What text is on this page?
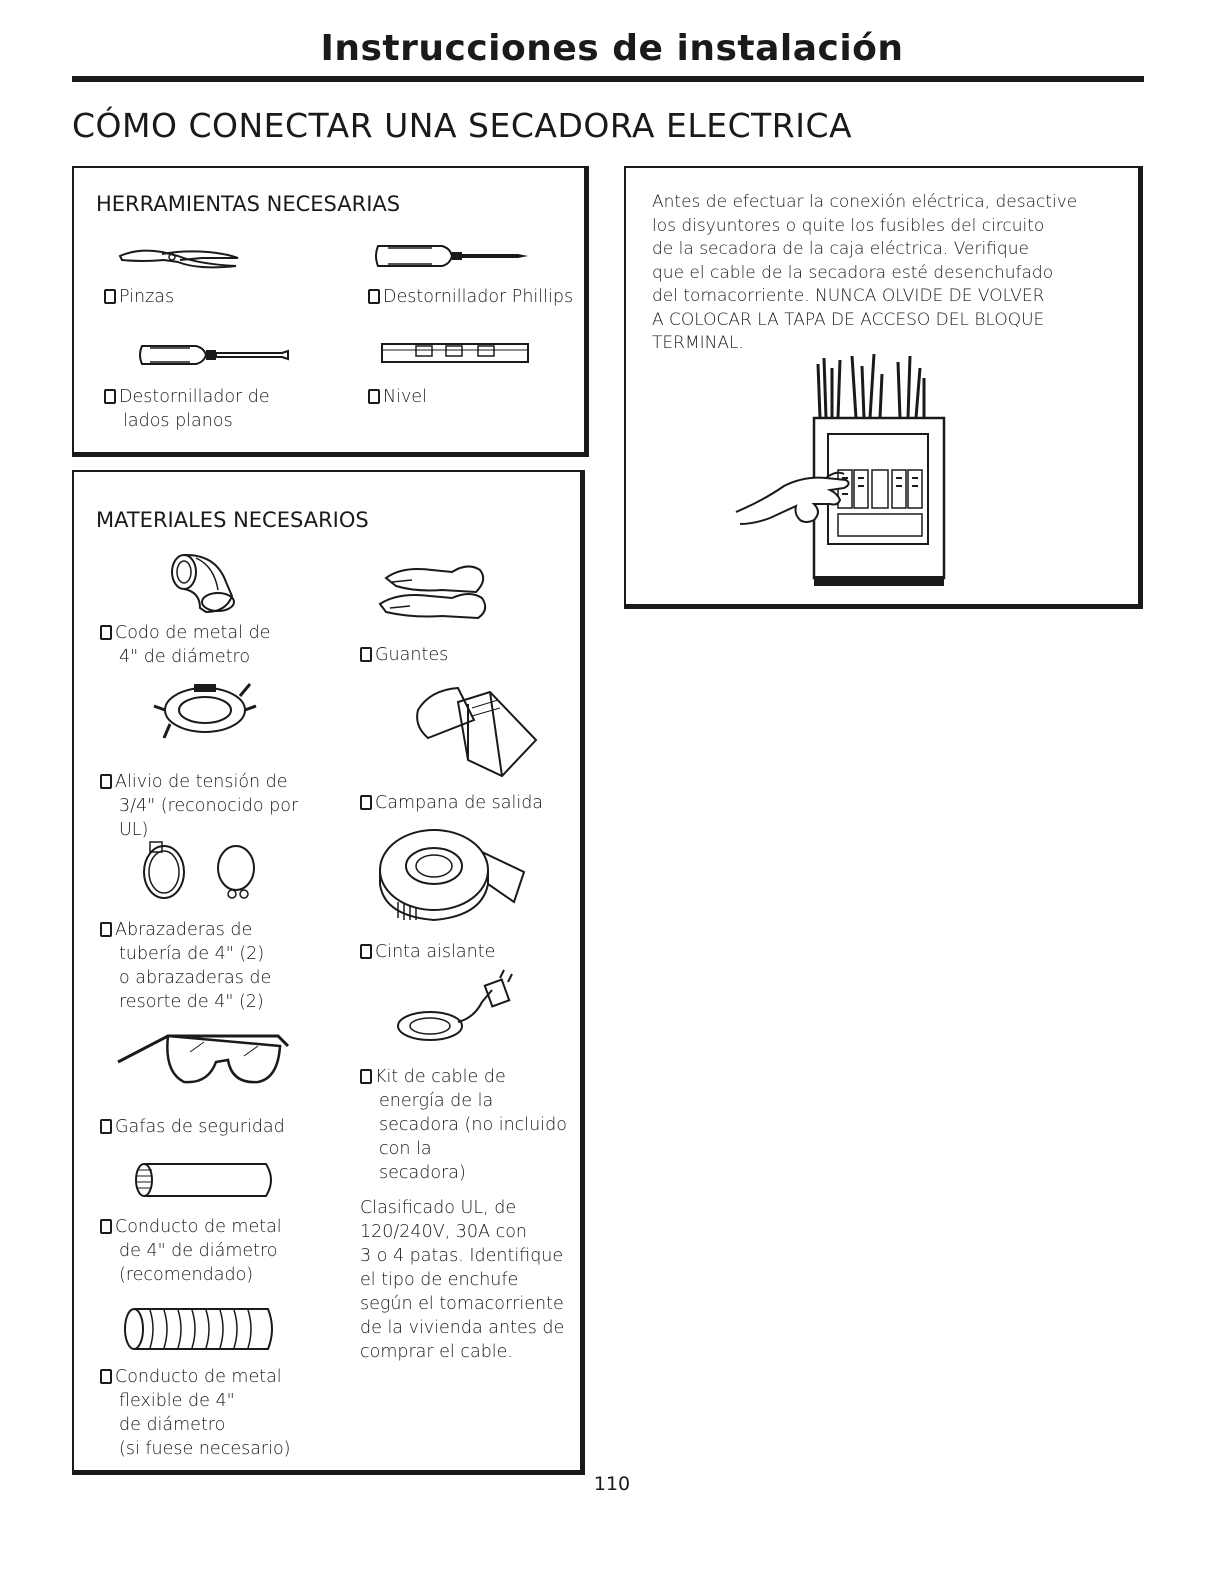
Instrucciones de instalación
CÓMO CONECTAR UNA SECADORA ELECTRICA
HERRAMIENTAS NECESARIAS
Pinzas	Destornillador Phillips
Destornillador de
lados planos
Nivel
MATERIALES NECESARIOS
Codo de metal de
4" de diámetro	Guantes
Alivio de tensión de
3/4" (reconocido por
UL)
Campana de salida
Abrazaderas de
tubería de 4" (2)
o abrazaderas de
resorte de 4" (2)
Cinta aislante
Gafas de seguridad
Kit de cable de
energía de la
secadora (no incluido
con la
secadora)
Clasificado UL, de
120/240V, 30A con
3 o 4 patas. Identifique
el tipo de enchufe
según el tomacorriente
de la vivienda antes de
comprar el cable.
Conducto de metal
de 4" de diámetro
(recomendado)
Conducto de metal
flexible de 4"
de diámetro
(si fuese necesario)
Antes de efectuar la conexión eléctrica, desactive
los disyuntores o quite los fusibles del circuito
de la secadora de la caja eléctrica. Verifique
que el cable de la secadora esté desenchufado
del tomacorriente. NUNCA OLVIDE DE VOLVER
A COLOCAR LA TAPA DE ACCESO DEL BLOQUE
TERMINAL.
110
